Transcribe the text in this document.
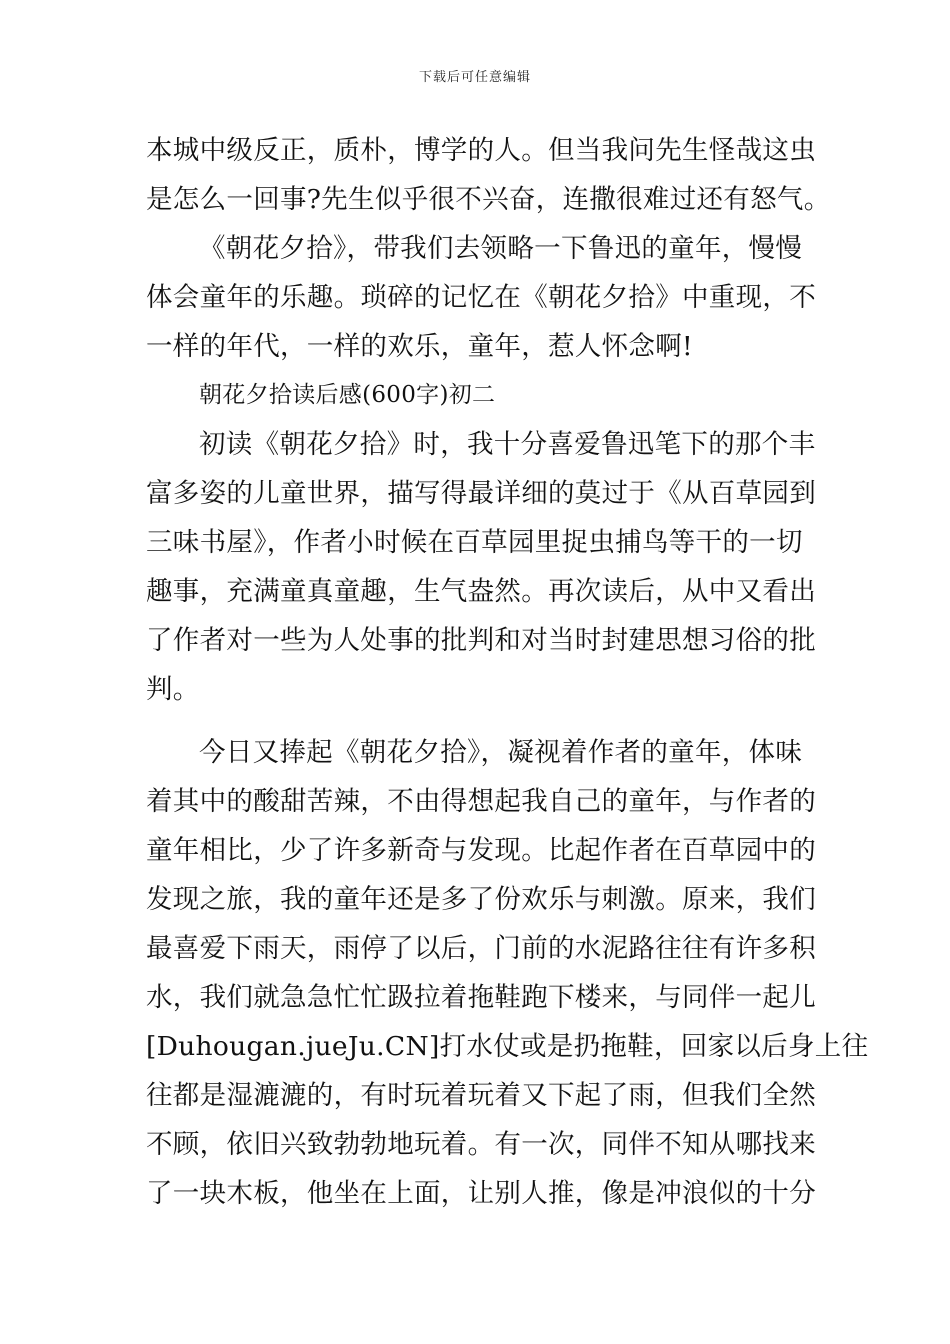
下载后可任意编辑
本城中级反正，质朴，博学的人。但当我问先生怪哉这虫
是怎么一回事?先生似乎很不兴奋，连撒很难过还有怒气。
《朝花夕拾》，带我们去领略一下鲁迅的童年，慢慢
体会童年的乐趣。琐碎的记忆在《朝花夕拾》中重现，不
一样的年代，一样的欢乐，童年，惹人怀念啊!
朝花夕拾读后感(600字)初二
初读《朝花夕拾》时，我十分喜爱鲁迅笔下的那个丰
富多姿的儿童世界，描写得最详细的莫过于《从百草园到
三味书屋》，作者小时候在百草园里捉虫捕鸟等干的一切
趣事，充满童真童趣，生气盎然。再次读后，从中又看出
了作者对一些为人处事的批判和对当时封建思想习俗的批
判。
今日又捧起《朝花夕拾》，凝视着作者的童年，体味
着其中的酸甜苦辣，不由得想起我自己的童年，与作者的
童年相比，少了许多新奇与发现。比起作者在百草园中的
发现之旅，我的童年还是多了份欢乐与刺激。原来，我们
最喜爱下雨天，雨停了以后，门前的水泥路往往有许多积
水，我们就急急忙忙趿拉着拖鞋跑下楼来，与同伴一起儿
[Duhougan.jueJu.CN]打水仗或是扔拖鞋，回家以后身上往
往都是湿漉漉的，有时玩着玩着又下起了雨，但我们全然
不顾，依旧兴致勃勃地玩着。有一次，同伴不知从哪找来
了一块木板，他坐在上面，让别人推，像是冲浪似的十分
